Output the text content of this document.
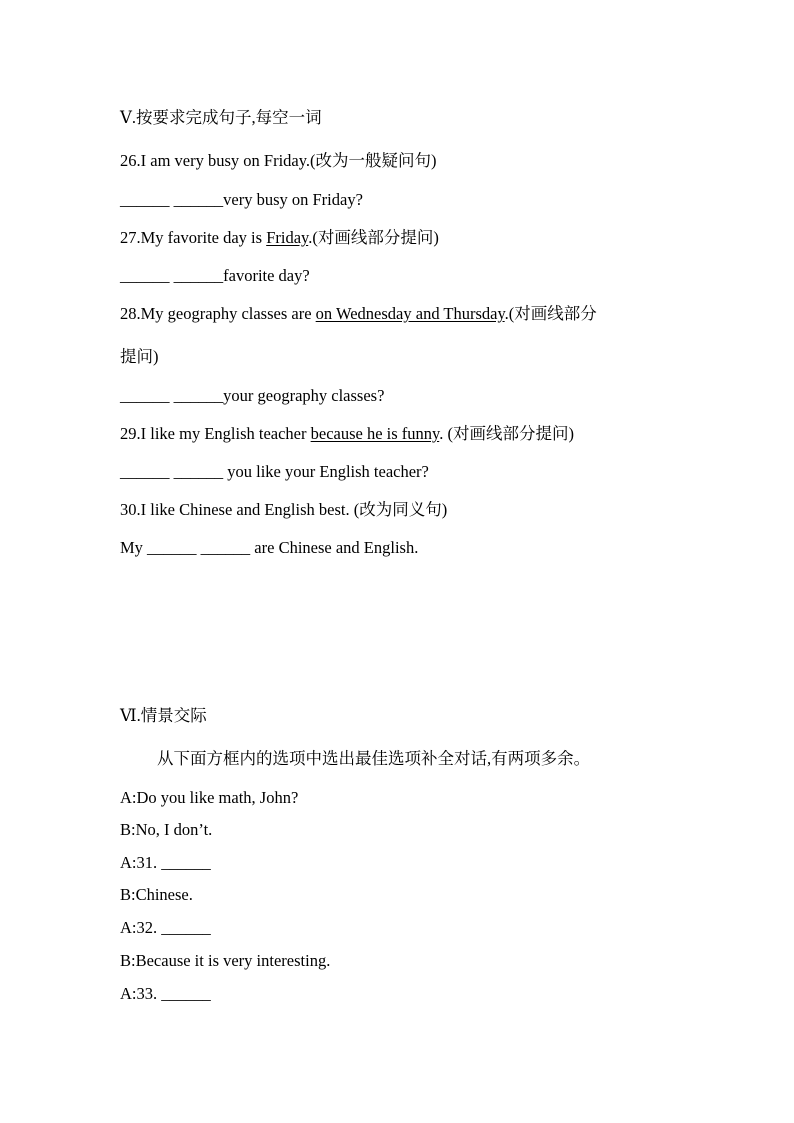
Ⅴ.按要求完成句子,每空一词
26.I am very busy on Friday.(改为一般疑问句)
______ ______very busy on Friday?
27.My favorite day is Friday.(对画线部分提问)
______ ______favorite day?
28.My geography classes are on Wednesday and Thursday.(对画线部分
提问)
______ ______your geography classes?
29.I like my English teacher because he is funny. (对画线部分提问)
______ ______ you like your English teacher?
30.I like Chinese and English best. (改为同义句)
My ______ ______ are Chinese and English.
Ⅵ.情景交际
从下面方框内的选项中选出最佳选项补全对话,有两项多余。
A:Do you like math, John?
B:No, I don’t.
A:31. ______
B:Chinese.
A:32. ______
B:Because it is very interesting.
A:33. ______
